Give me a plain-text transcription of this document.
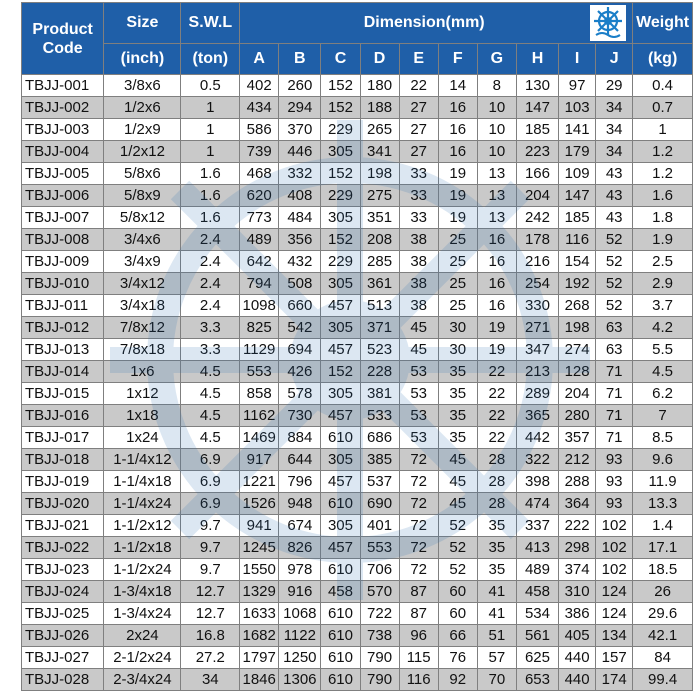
Product Code	Size	S.W.L	Dimension(mm)										Weight
	(inch)	(ton)	A	B	C	D	E	F	G	H	I	J	(kg)
TBJJ-001	3/8x6	0.5	402	260	152	180	22	14	8	130	97	29	0.4
TBJJ-002	1/2x6	1	434	294	152	188	27	16	10	147	103	34	0.7
TBJJ-003	1/2x9	1	586	370	229	265	27	16	10	185	141	34	1
TBJJ-004	1/2x12	1	739	446	305	341	27	16	10	223	179	34	1.2
TBJJ-005	5/8x6	1.6	468	332	152	198	33	19	13	166	109	43	1.2
TBJJ-006	5/8x9	1.6	620	408	229	275	33	19	13	204	147	43	1.6
TBJJ-007	5/8x12	1.6	773	484	305	351	33	19	13	242	185	43	1.8
TBJJ-008	3/4x6	2.4	489	356	152	208	38	25	16	178	116	52	1.9
TBJJ-009	3/4x9	2.4	642	432	229	285	38	25	16	216	154	52	2.5
TBJJ-010	3/4x12	2.4	794	508	305	361	38	25	16	254	192	52	2.9
TBJJ-011	3/4x18	2.4	1098	660	457	513	38	25	16	330	268	52	3.7
TBJJ-012	7/8x12	3.3	825	542	305	371	45	30	19	271	198	63	4.2
TBJJ-013	7/8x18	3.3	1129	694	457	523	45	30	19	347	274	63	5.5
TBJJ-014	1x6	4.5	553	426	152	228	53	35	22	213	128	71	4.5
TBJJ-015	1x12	4.5	858	578	305	381	53	35	22	289	204	71	6.2
TBJJ-016	1x18	4.5	1162	730	457	533	53	35	22	365	280	71	7
TBJJ-017	1x24	4.5	1469	884	610	686	53	35	22	442	357	71	8.5
TBJJ-018	1-1/4x12	6.9	917	644	305	385	72	45	28	322	212	93	9.6
TBJJ-019	1-1/4x18	6.9	1221	796	457	537	72	45	28	398	288	93	11.9
TBJJ-020	1-1/4x24	6.9	1526	948	610	690	72	45	28	474	364	93	13.3
TBJJ-021	1-1/2x12	9.7	941	674	305	401	72	52	35	337	222	102	1.4
TBJJ-022	1-1/2x18	9.7	1245	826	457	553	72	52	35	413	298	102	17.1
TBJJ-023	1-1/2x24	9.7	1550	978	610	706	72	52	35	489	374	102	18.5
TBJJ-024	1-3/4x18	12.7	1329	916	458	570	87	60	41	458	310	124	26
TBJJ-025	1-3/4x24	12.7	1633	1068	610	722	87	60	41	534	386	124	29.6
TBJJ-026	2x24	16.8	1682	1122	610	738	96	66	51	561	405	134	42.1
TBJJ-027	2-1/2x24	27.2	1797	1250	610	790	115	76	57	625	440	157	84
TBJJ-028	2-3/4x24	34	1846	1306	610	790	116	92	70	653	440	174	99.4
